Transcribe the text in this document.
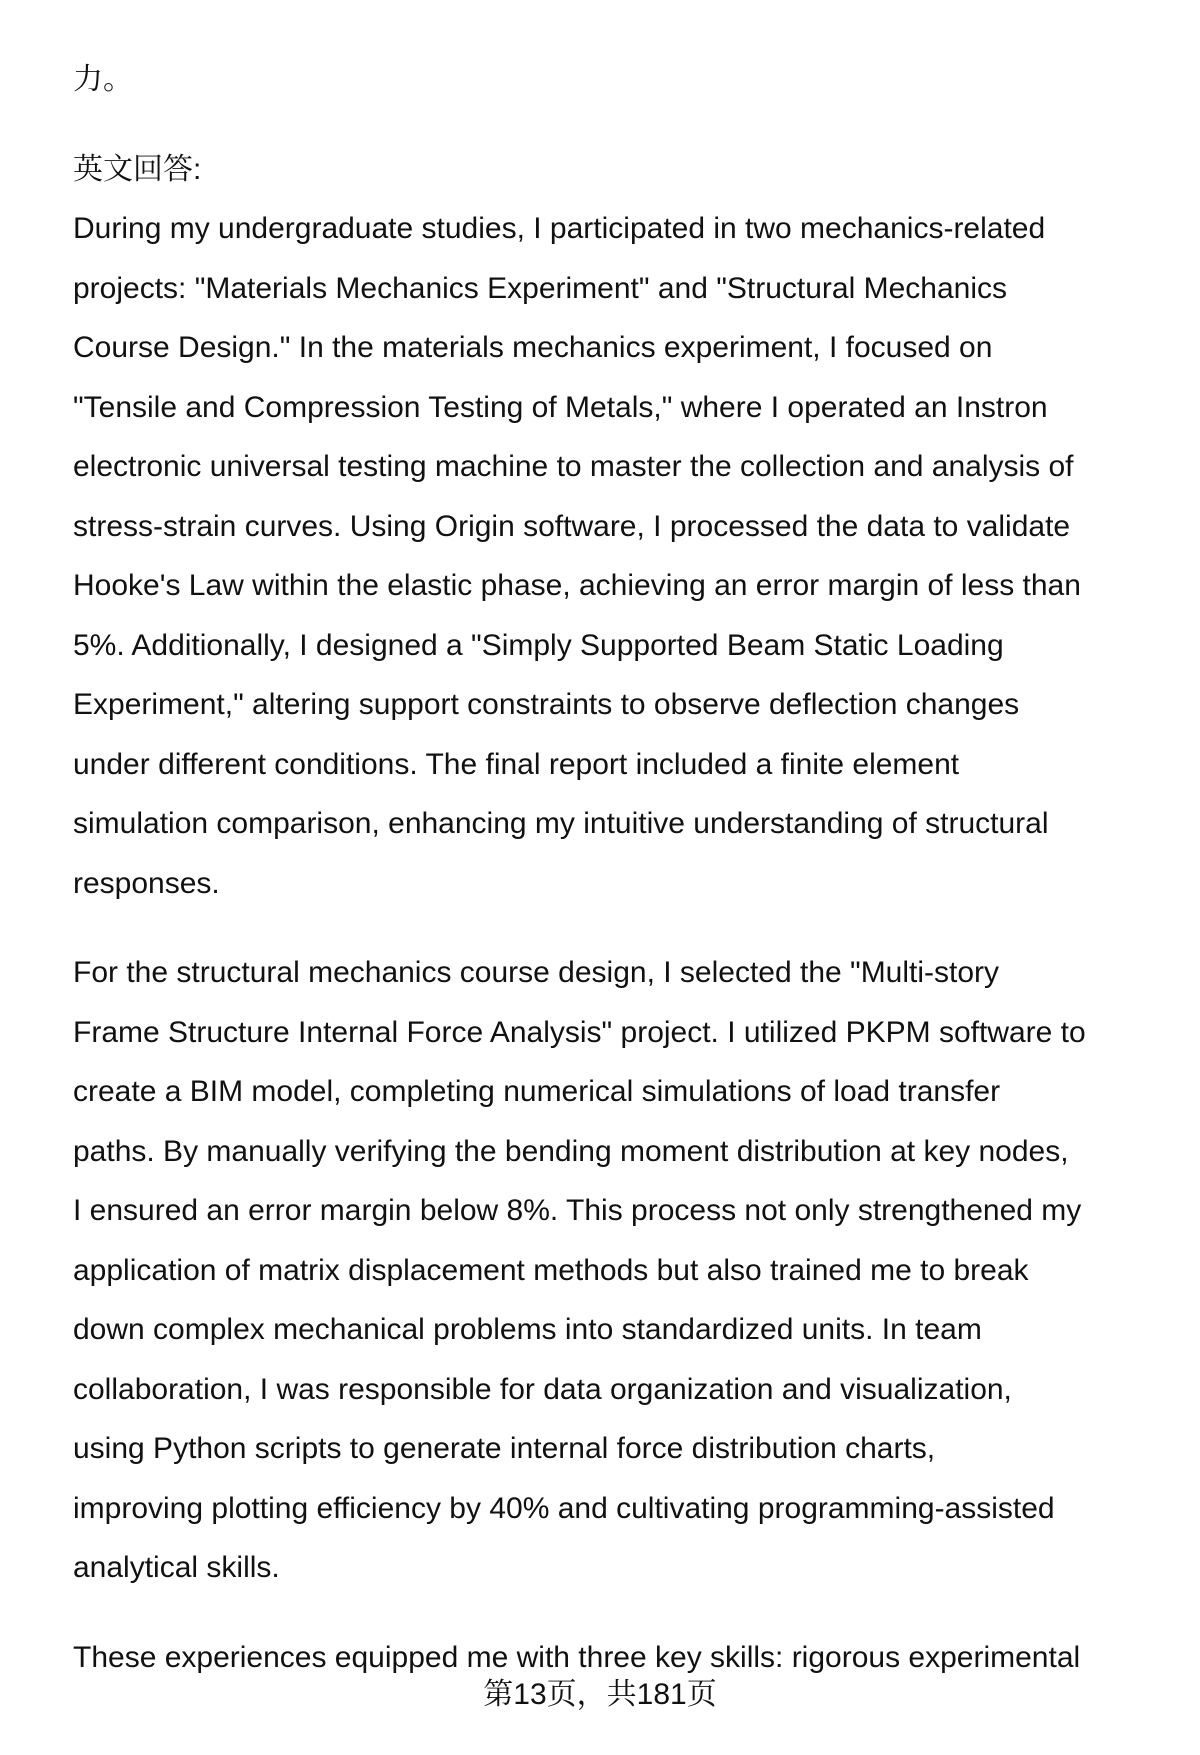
力。

英文回答:

During my undergraduate studies, I participated in two mechanics-related
projects: "Materials Mechanics Experiment" and "Structural Mechanics
Course Design." In the materials mechanics experiment, I focused on
"Tensile and Compression Testing of Metals," where I operated an Instron
electronic universal testing machine to master the collection and analysis of
stress-strain curves. Using Origin software, I processed the data to validate
Hooke's Law within the elastic phase, achieving an error margin of less than
5%. Additionally, I designed a "Simply Supported Beam Static Loading
Experiment," altering support constraints to observe deflection changes
under different conditions. The final report included a finite element
simulation comparison, enhancing my intuitive understanding of structural
responses.

For the structural mechanics course design, I selected the "Multi-story
Frame Structure Internal Force Analysis" project. I utilized PKPM software to
create a BIM model, completing numerical simulations of load transfer
paths. By manually verifying the bending moment distribution at key nodes,
I ensured an error margin below 8%. This process not only strengthened my
application of matrix displacement methods but also trained me to break
down complex mechanical problems into standardized units. In team
collaboration, I was responsible for data organization and visualization,
using Python scripts to generate internal force distribution charts,
improving plotting efficiency by 40% and cultivating programming-assisted
analytical skills.

These experiences equipped me with three key skills: rigorous experimental

第13页，共181页
